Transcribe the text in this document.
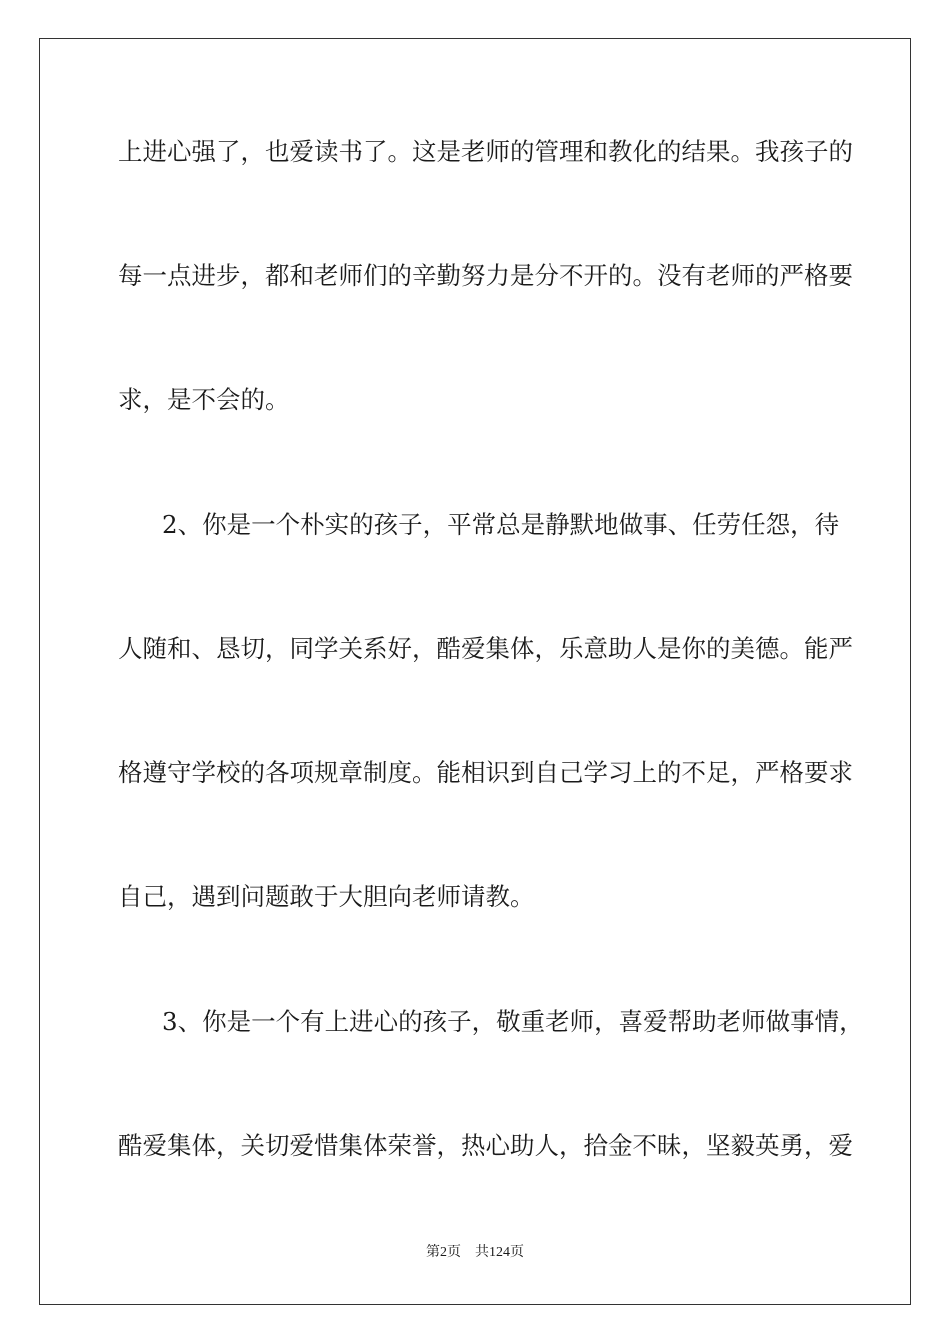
上进心强了，也爱读书了。这是老师的管理和教化的结果。我孩子的
每一点进步，都和老师们的辛勤努力是分不开的。没有老师的严格要
求，是不会的。
2、你是一个朴实的孩子，平常总是静默地做事、任劳任怨，待
人随和、恳切，同学关系好，酷爱集体，乐意助人是你的美德。能严
格遵守学校的各项规章制度。能相识到自己学习上的不足，严格要求
自己，遇到问题敢于大胆向老师请教。
3、你是一个有上进心的孩子，敬重老师，喜爱帮助老师做事情，
酷爱集体，关切爱惜集体荣誉，热心助人，拾金不昧，坚毅英勇，爱
第2页 共124页
